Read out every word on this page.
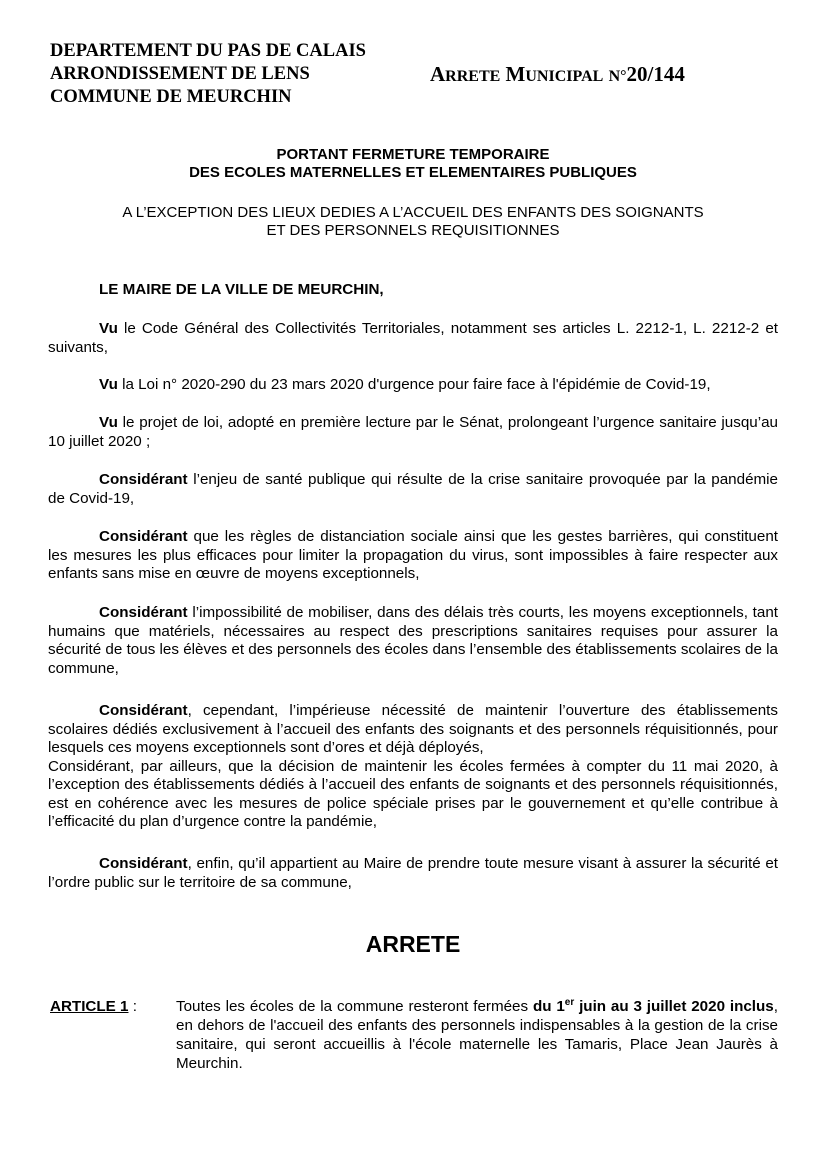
DEPARTEMENT DU PAS DE CALAIS
ARRONDISSEMENT DE LENS
COMMUNE DE MEURCHIN
ARRETE MUNICIPAL N°20/144
PORTANT FERMETURE TEMPORAIRE
DES ECOLES MATERNELLES ET ELEMENTAIRES PUBLIQUES
A L’EXCEPTION DES LIEUX DEDIES A L’ACCUEIL DES ENFANTS DES SOIGNANTS
ET DES PERSONNELS REQUISITIONNES

LE MAIRE DE LA VILLE DE MEURCHIN,

Vu le Code Général des Collectivités Territoriales, notamment ses articles L. 2212-1, L. 2212-2 et suivants,

Vu la Loi n° 2020-290 du 23 mars 2020 d'urgence pour faire face à l'épidémie de Covid-19,

Vu le projet de loi, adopté en première lecture par le Sénat, prolongeant l’urgence sanitaire jusqu’au 10 juillet 2020 ;

Considérant l’enjeu de santé publique qui résulte de la crise sanitaire provoquée par la pandémie de Covid-19,

Considérant que les règles de distanciation sociale ainsi que les gestes barrières, qui constituent les mesures les plus efficaces pour limiter la propagation du virus, sont impossibles à faire respecter aux enfants sans mise en œuvre de moyens exceptionnels,

Considérant l’impossibilité de mobiliser, dans des délais très courts, les moyens exceptionnels, tant humains que matériels, nécessaires au respect des prescriptions sanitaires requises pour assurer la sécurité de tous les élèves et des personnels des écoles dans l’ensemble des établissements scolaires de la commune,

Considérant, cependant, l’impérieuse nécessité de maintenir l’ouverture des établissements scolaires dédiés exclusivement à l’accueil des enfants des soignants et des personnels réquisitionnés, pour lesquels ces moyens exceptionnels sont d’ores et déjà déployés,

Considérant, par ailleurs, que la décision de maintenir les écoles fermées à compter du 11 mai 2020, à l’exception des établissements dédiés à l’accueil des enfants de soignants et des personnels réquisitionnés, est en cohérence avec les mesures de police spéciale prises par le gouvernement et qu’elle contribue à l’efficacité du plan d’urgence contre la pandémie,

Considérant, enfin, qu’il appartient au Maire de prendre toute mesure visant à assurer la sécurité et l’ordre public sur le territoire de sa commune,

ARRETE
ARTICLE 1 :	Toutes les écoles de la commune resteront fermées du 1er juin au 3 juillet 2020 inclus, en dehors de l'accueil des enfants des personnels indispensables à la gestion de la crise sanitaire, qui seront accueillis à l'école maternelle les Tamaris, Place Jean Jaurès à Meurchin.
